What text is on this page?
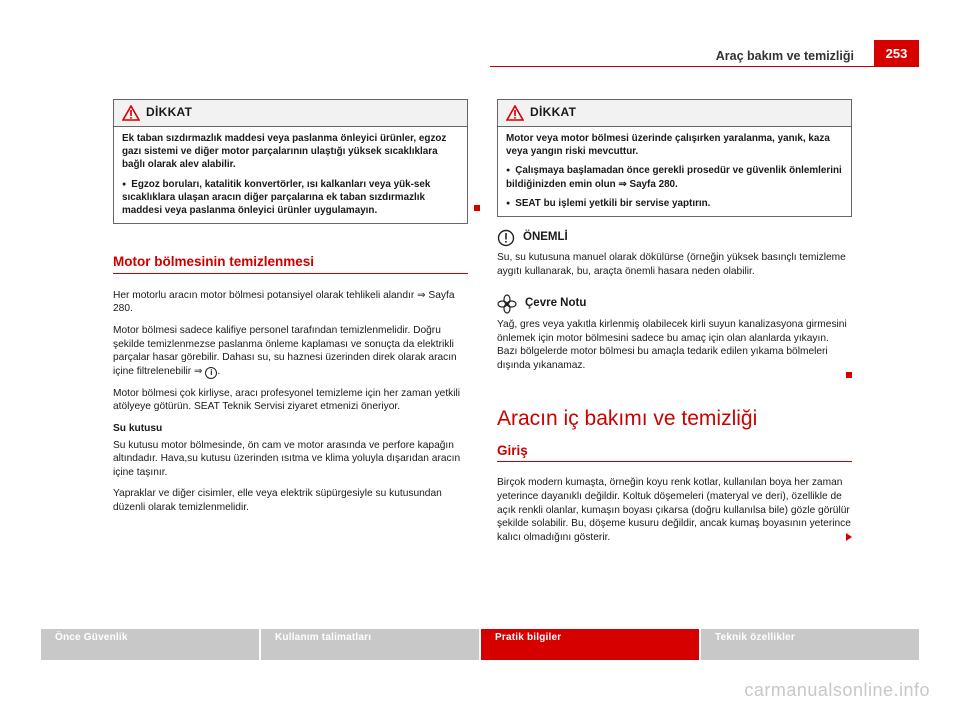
Araç bakım ve temizliği	253
DİKKAT

Ek taban sızdırmazlık maddesi veya paslanma önleyici ürünler, egzoz gazı sistemi ve diğer motor parçalarının ulaştığı yüksek sıcaklıklara bağlı olarak alev alabilir.

● Egzoz boruları, katalitik konvertörler, ısı kalkanları veya yük-sek sıcaklıklara ulaşan aracın diğer parçalarına ek taban sızdırmazlık maddesi veya paslanma önleyici ürünler uygulamayın.

Motor bölmesinin temizlenmesi

Her motorlu aracın motor bölmesi potansiyel olarak tehlikeli alandır ⇒ Sayfa 280.

Motor bölmesi sadece kalifiye personel tarafından temizlenmelidir. Doğru şekilde temizlenmezse paslanma önleme kaplaması ve sonuçta da elektrikli parçalar hasar görebilir. Dahası su, su haznesi üzerinden direk olarak aracın içine filtrelenebilir ⇒ i .

Motor bölmesi çok kirliyse, aracı profesyonel temizleme için her zaman yetkili atölyeye götürün. SEAT Teknik Servisi ziyaret etmenizi öneriyor.

Su kutusu

Su kutusu motor bölmesinde, ön cam ve motor arasında ve perfore kapağın altındadır. Hava,su kutusu üzerinden ısıtma ve klima yoluyla dışarıdan aracın içine taşınır.

Yapraklar ve diğer cisimler, elle veya elektrik süpürgesiyle su kutusundan düzenli olarak temizlenmelidir.

DİKKAT

Motor veya motor bölmesi üzerinde çalışırken yaralanma, yanık, kaza veya yangın riski mevcuttur.

● Çalışmaya başlamadan önce gerekli prosedür ve güvenlik önlemlerini bildiğinizden emin olun ⇒ Sayfa 280.

● SEAT bu işlemi yetkili bir servise yaptırın.

ÖNEMLİ

Su, su kutusuna manuel olarak dökülürse (örneğin yüksek basınçlı temizleme aygıtı kullanarak, bu, araçta önemli hasara neden olabilir.

Çevre Notu

Yağ, gres veya yakıtla kirlenmiş olabilecek kirli suyun kanalizasyona girmesini önlemek için motor bölmesini sadece bu amaç için olan alanlarda yıkayın. Bazı bölgelerde motor bölmesi bu amaçla tedarik edilen yıkama bölmeleri dışında yıkanamaz.

Aracın iç bakımı ve temizliği
Giriş

Birçok modern kumaşta, örneğin koyu renk kotlar, kullanılan boya her zaman yeterince dayanıklı değildir. Koltuk döşemeleri (materyal ve deri), özellikle de açık renkli olanlar, kumaşın boyası çıkarsa (doğru kullanılsa bile) gözle görülür şekilde solabilir. Bu, döşeme kusuru değildir, ancak kumaş boyasının yeterince kalıcı olmadığını gösterir.

Önce Güvenlik	Kullanım talimatları	Pratik bilgiler	Teknik özellikler
carmanualsonline.info
